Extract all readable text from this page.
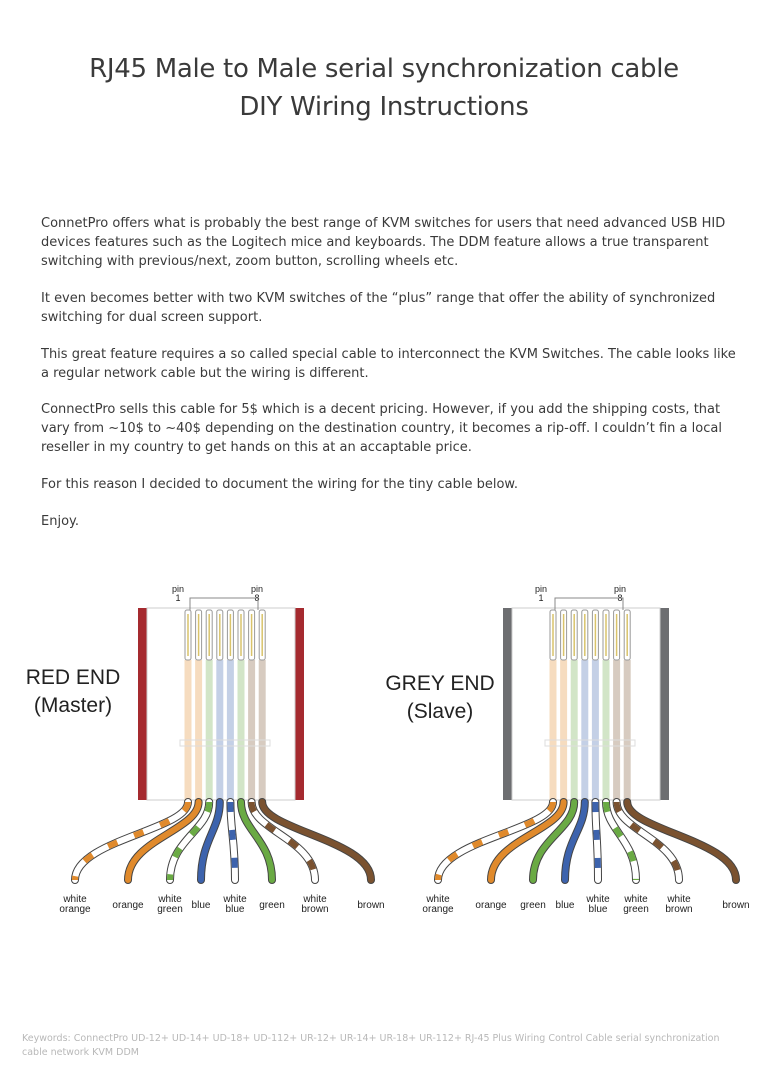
RJ45 Male to Male serial synchronization cable
DIY Wiring Instructions

ConnetPro offers what is probably the best range of KVM switches for users that need advanced USB HID devices features such as the Logitech mice and keyboards. The DDM feature allows a true transparent switching with previous/next, zoom button, scrolling wheels etc.

It even becomes better with two KVM switches of the “plus” range that offer the ability of synchronized switching for dual screen support.

This great feature requires a so called special cable to interconnect the KVM Switches. The cable looks like a regular network cable but the wiring is different.

ConnectPro sells this cable for 5$ which is a decent pricing. However, if you add the shipping costs, that vary from ~10$ to ~40$ depending on the destination country, it becomes a rip-off. I couldn’t fin a local reseller in my country to get hands on this at an accaptable price.

For this reason I decided to document the wiring for the tiny cable below.

Enjoy.

RED END
(Master)
GREY END
(Slave)
pin
1
pin
8
pin
1
pin
8
white
orange orange
white
green blue
white
blue green
white
brown	brown
white
orange orange green blue
white
blue
white
green
white
brown	brown
Keywords: ConnectPro UD-12+ UD-14+ UD-18+ UD-112+ UR-12+ UR-14+ UR-18+ UR-112+ RJ-45 Plus Wiring Control Cable serial synchronization cable network KVM DDM
